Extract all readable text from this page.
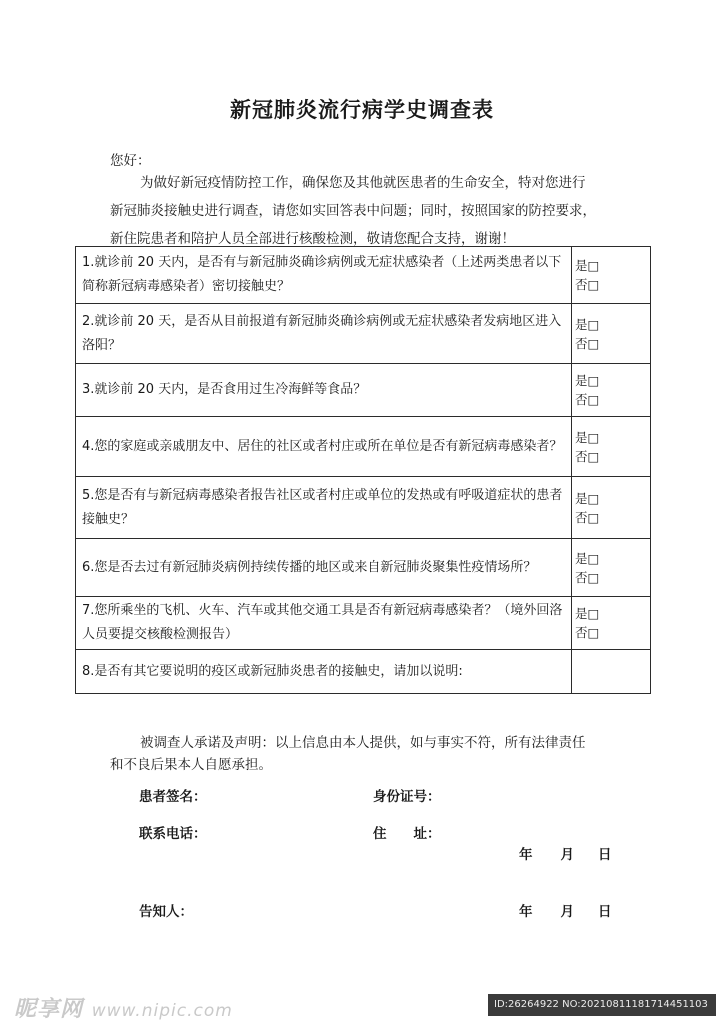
新冠肺炎流行病学史调查表
您好：

为做好新冠疫情防控工作，确保您及其他就医患者的生命安全，特对您进行

新冠肺炎接触史进行调查，请您如实回答表中问题；同时，按照国家的防控要求，

新住院患者和陪护人员全部进行核酸检测，敬请您配合支持，谢谢！

1.就诊前 20 天内，是否有与新冠肺炎确诊病例或无症状感染者（上述两类患者以下简称新冠病毒感染者）密切接触史？	是□
否□

2.就诊前 20 天，是否从目前报道有新冠肺炎确诊病例或无症状感染者发病地区进入洛阳？	是□
否□

3.就诊前 20 天内，是否食用过生冷海鲜等食品？	是□
否□

4.您的家庭或亲戚朋友中、居住的社区或者村庄或所在单位是否有新冠病毒感染者？	是□
否□

5.您是否有与新冠病毒感染者报告社区或者村庄或单位的发热或有呼吸道症状的患者接触史？	是□
否□

6.您是否去过有新冠肺炎病例持续传播的地区或来自新冠肺炎聚集性疫情场所？	是□
否□

7.您所乘坐的飞机、火车、汽车或其他交通工具是否有新冠病毒感染者？（境外回洛人员要提交核酸检测报告）	是□
否□

8.是否有其它要说明的疫区或新冠肺炎患者的接触史，请加以说明:	

被调查人承诺及声明：以上信息由本人提供，如与事实不符，所有法律责任

和不良后果本人自愿承担。

患者签名：	身份证号：
联系电话：	住　　址：
年 月 日
告知人：	年 月 日
昵享网 www.nipic.com	ID:26264922 NO:20210811181714451103
